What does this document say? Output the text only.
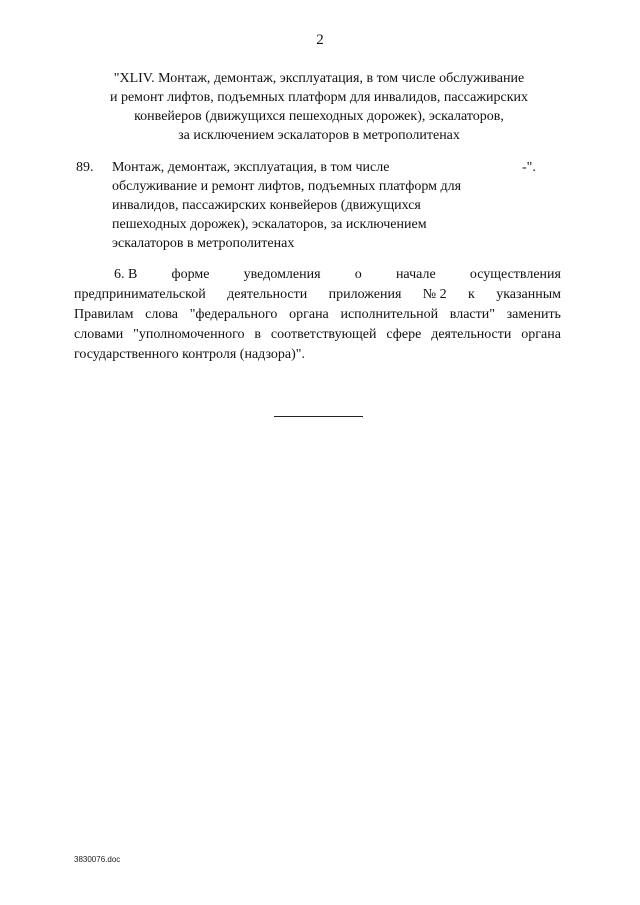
2
"XLIV. Монтаж, демонтаж, эксплуатация, в том числе обслуживание
и ремонт лифтов, подъемных платформ для инвалидов, пассажирских
конвейеров (движущихся пешеходных дорожек), эскалаторов,
за исключением эскалаторов в метрополитенах
89. Монтаж, демонтаж, эксплуатация, в том числе
обслуживание и ремонт лифтов, подъемных платформ для
инвалидов, пассажирских конвейеров (движущихся
пешеходных дорожек), эскалаторов, за исключением
эскалаторов в метрополитенах
-".
6. В форме уведомления о начале осуществления
предпринимательской деятельности приложения № 2 к указанным
Правилам слова "федерального органа исполнительной власти" заменить
словами "уполномоченного в соответствующей сфере деятельности органа
государственного контроля (надзора)".
3830076.doc
